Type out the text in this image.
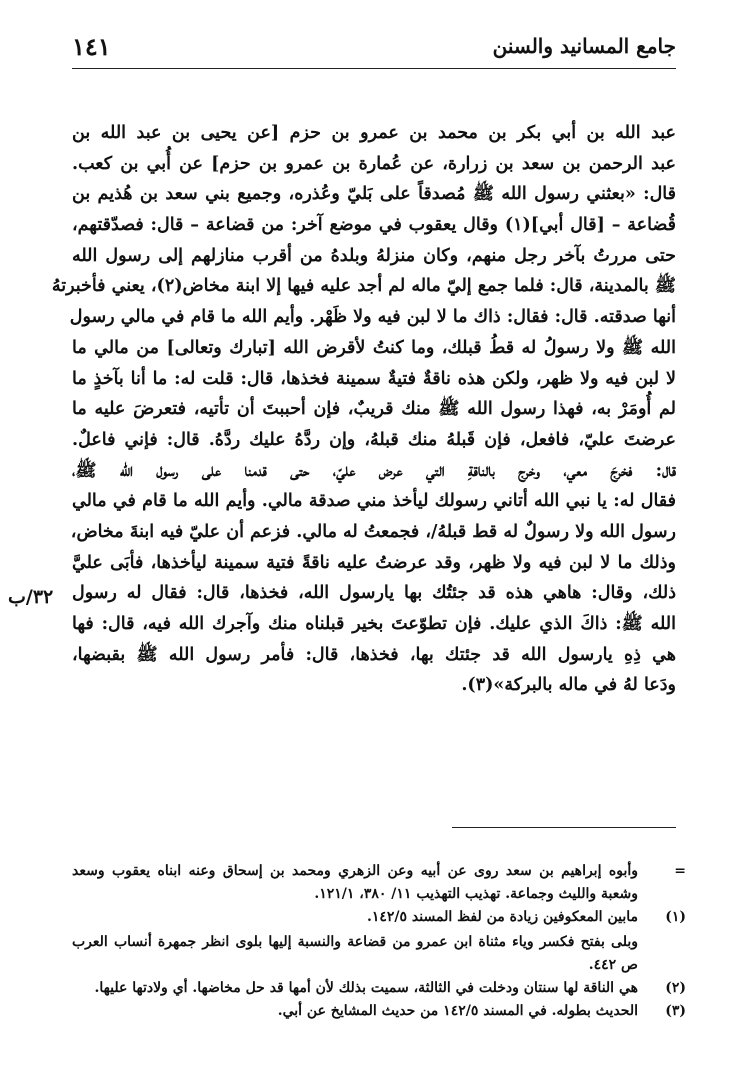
١٤١	جامع المسانيد والسنن
عبد الله بن أبي بكر بن محمد بن عمرو بن حزم [عن يحيى بن عبد الله بن
عبد الرحمن بن سعد بن زرارة، عن عُمارة بن عمرو بن حزم] عن أُبي بن كعب.
قال: «بعثني رسول الله ﷺ مُصدقاً على بَليّ وعُذره، وجميع بني سعد بن هُذيم بن
قُضاعة – [قال أبي](١) وقال يعقوب في موضع آخر: من قضاعة – قال: فصدّقتهم،
حتى مررتُ بآخر رجل منهم، وكان منزلهُ وبلدهُ من أقرب منازلهم إلى رسول الله
ﷺ بالمدينة، قال: فلما جمع إليّ ماله لم أجد عليه فيها إلا ابنة مخاض(٢)، يعني فأخبرتهُ
أنها صدقته. قال: فقال: ذاك ما لا لبن فيه ولا ظَهْر. وأيم الله ما قام في مالي رسول
الله ﷺ ولا رسولُ له قطُ قبلك، وما كنتُ لأقرض الله [تبارك وتعالى] من مالي ما
لا لبن فيه ولا ظهر، ولكن هذه ناقةٌ فتيةٌ سمينة فخذها، قال: قلت له: ما أنا بآخذٍ ما
لم أُومَرْ به، فهذا رسول الله ﷺ منك قريبٌ، فإن أحببتَ أن تأتيه، فتعرضَ عليه ما
عرضتَ عليّ، فافعل، فإن قَبلهُ منك قبلهُ، وإن ردَّهُ عليك ردَّهُ. قال: فإني فاعلٌ.
قال: فخرجَ معي، وخرج بالناقةِ التي عرض عليّ، حتى قدمنا على رسول الله ﷺ،
فقال له: يا نبي الله أتاني رسولك ليأخذ مني صدقة مالي. وأيم الله ما قام في مالي
رسول الله ولا رسولٌ له قط قبلهُ/، فجمعتُ له مالي. فزعم أن عليّ فيه ابنةَ مخاض،
وذلك ما لا لبن فيه ولا ظهر، وقد عرضتُ عليه ناقةً فتية سمينة ليأخذها، فأبَى عليَّ
ذلك، وقال: هاهي هذه قد جئتُك بها يارسول الله، فخذها، قال: فقال له رسول
الله ﷺ: ذاكَ الذي عليك. فإن تطوّعتَ بخير قبلناه منك وآجرك الله فيه، قال: فها
هي ذِهِ يارسول الله قد جئتك بها، فخذها، قال: فأمر رسول الله ﷺ بقبضها،
ودَعا لهُ في ماله بالبركة»(٣).
٣٢/ب
=
وأبوه إبراهيم بن سعد روى عن أبيه وعن الزهري ومحمد بن إسحاق وعنه ابناه يعقوب وسعد وشعبة والليث وجماعة. تهذيب التهذيب ١١/ ٣٨٠، ١٢١/١.
(١)
مابين المعكوفين زيادة من لفظ المسند ١٤٢/٥.
وبلى بفتح فكسر وياء مثناة ابن عمرو من قضاعة والنسبة إليها بلوى انظر جمهرة أنساب العرب ص ٤٤٢.
(٢)
هي الناقة لها سنتان ودخلت في الثالثة، سميت بذلك لأن أمها قد حل مخاضها. أي ولادتها عليها.
(٣)
الحديث بطوله. في المسند ١٤٢/٥ من حديث المشايخ عن أبي.
